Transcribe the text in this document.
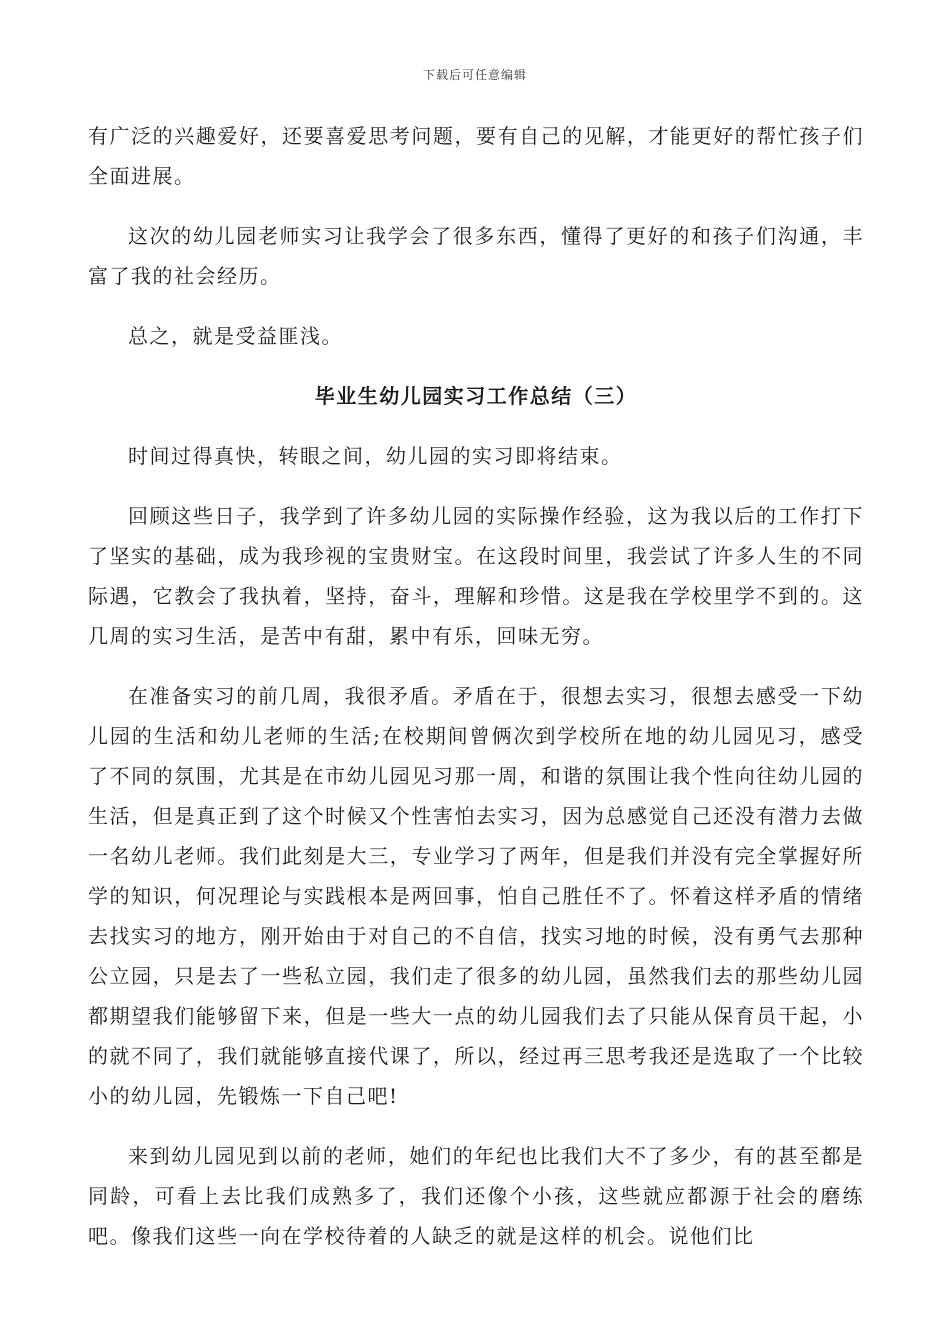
下载后可任意编辑

有广泛的兴趣爱好，还要喜爱思考问题，要有自己的见解，才能更好的帮忙孩子们全面进展。

这次的幼儿园老师实习让我学会了很多东西，懂得了更好的和孩子们沟通，丰富了我的社会经历。

总之，就是受益匪浅。

毕业生幼儿园实习工作总结（三）

时间过得真快，转眼之间，幼儿园的实习即将结束。

回顾这些日子，我学到了许多幼儿园的实际操作经验，这为我以后的工作打下了坚实的基础，成为我珍视的宝贵财宝。在这段时间里，我尝试了许多人生的不同际遇，它教会了我执着，坚持，奋斗，理解和珍惜。这是我在学校里学不到的。这几周的实习生活，是苦中有甜，累中有乐，回味无穷。

在准备实习的前几周，我很矛盾。矛盾在于，很想去实习，很想去感受一下幼儿园的生活和幼儿老师的生活;在校期间曾俩次到学校所在地的幼儿园见习，感受了不同的氛围，尤其是在市幼儿园见习那一周，和谐的氛围让我个性向往幼儿园的生活，但是真正到了这个时候又个性害怕去实习，因为总感觉自己还没有潜力去做一名幼儿老师。我们此刻是大三，专业学习了两年，但是我们并没有完全掌握好所学的知识，何况理论与实践根本是两回事，怕自己胜任不了。怀着这样矛盾的情绪去找实习的地方，刚开始由于对自己的不自信，找实习地的时候，没有勇气去那种公立园，只是去了一些私立园，我们走了很多的幼儿园，虽然我们去的那些幼儿园都期望我们能够留下来，但是一些大一点的幼儿园我们去了只能从保育员干起，小的就不同了，我们就能够直接代课了，所以，经过再三思考我还是选取了一个比较小的幼儿园，先锻炼一下自己吧!

来到幼儿园见到以前的老师，她们的年纪也比我们大不了多少，有的甚至都是同龄，可看上去比我们成熟多了，我们还像个小孩，这些就应都源于社会的磨练吧。像我们这些一向在学校待着的人缺乏的就是这样的机会。说他们比
